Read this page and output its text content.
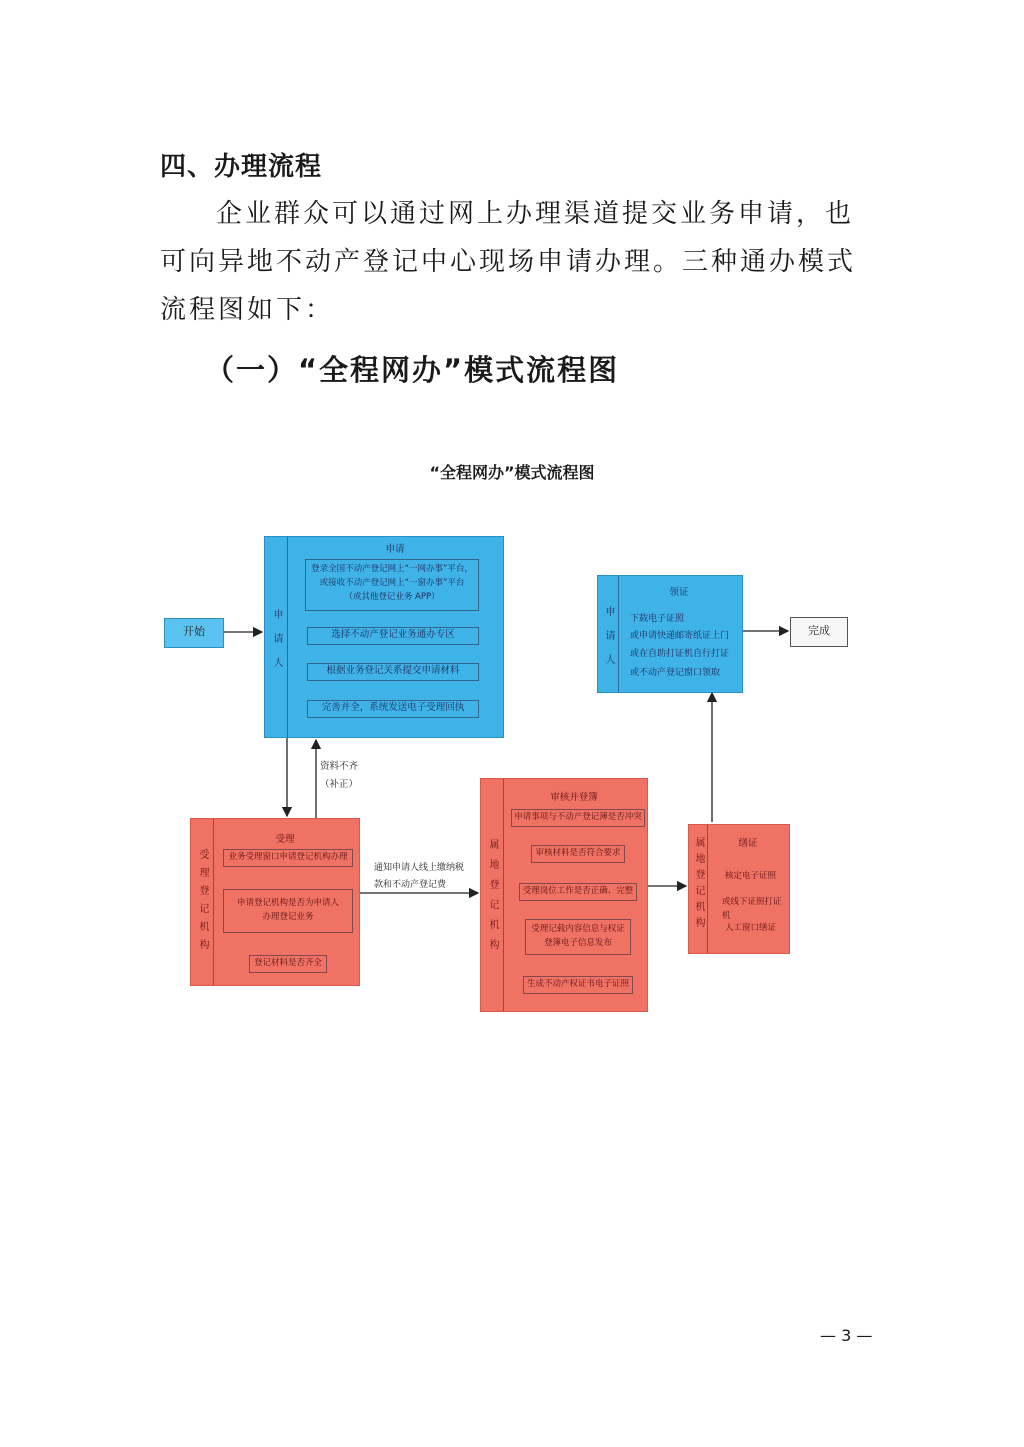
四、办理流程
企业群众可以通过网上办理渠道提交业务申请，也可向异地不动产登记中心现场申请办理。三种通办模式流程图如下：
（一）“全程网办”模式流程图
“全程网办”模式流程图
开始	完成
申请人
申请
登录全国不动产登记网上“一网办事”平台，
或接收不动产登记网上“一窗办事”平台
（或其他登记业务 APP）
选择不动产登记业务通办专区
根据业务登记关系提交申请材料
完善并全，系统发送电子受理回执
申请人
领证
下载电子证照
或申请快递邮寄纸证上门
或在自助打证机自行打证
或不动产登记窗口领取
受理登记机构
受理
业务受理窗口申请登记机构办理
申请登记机构是否为申请人
办理登记业务
登记材料是否齐全
属地登记机构
审核并登簿
申请事项与不动产登记簿是否冲突
审核材料是否符合要求
受理岗位工作是否正确、完整
受理记载内容信息与权证
登簿电子信息发布
生成不动产权证书电子证照
属地登记机构	缮证
核定电子证照
或线下证照打证机
人工窗口缮证
资料不齐
（补正）
通知申请人线上缴纳税
款和不动产登记费
— 3 —
